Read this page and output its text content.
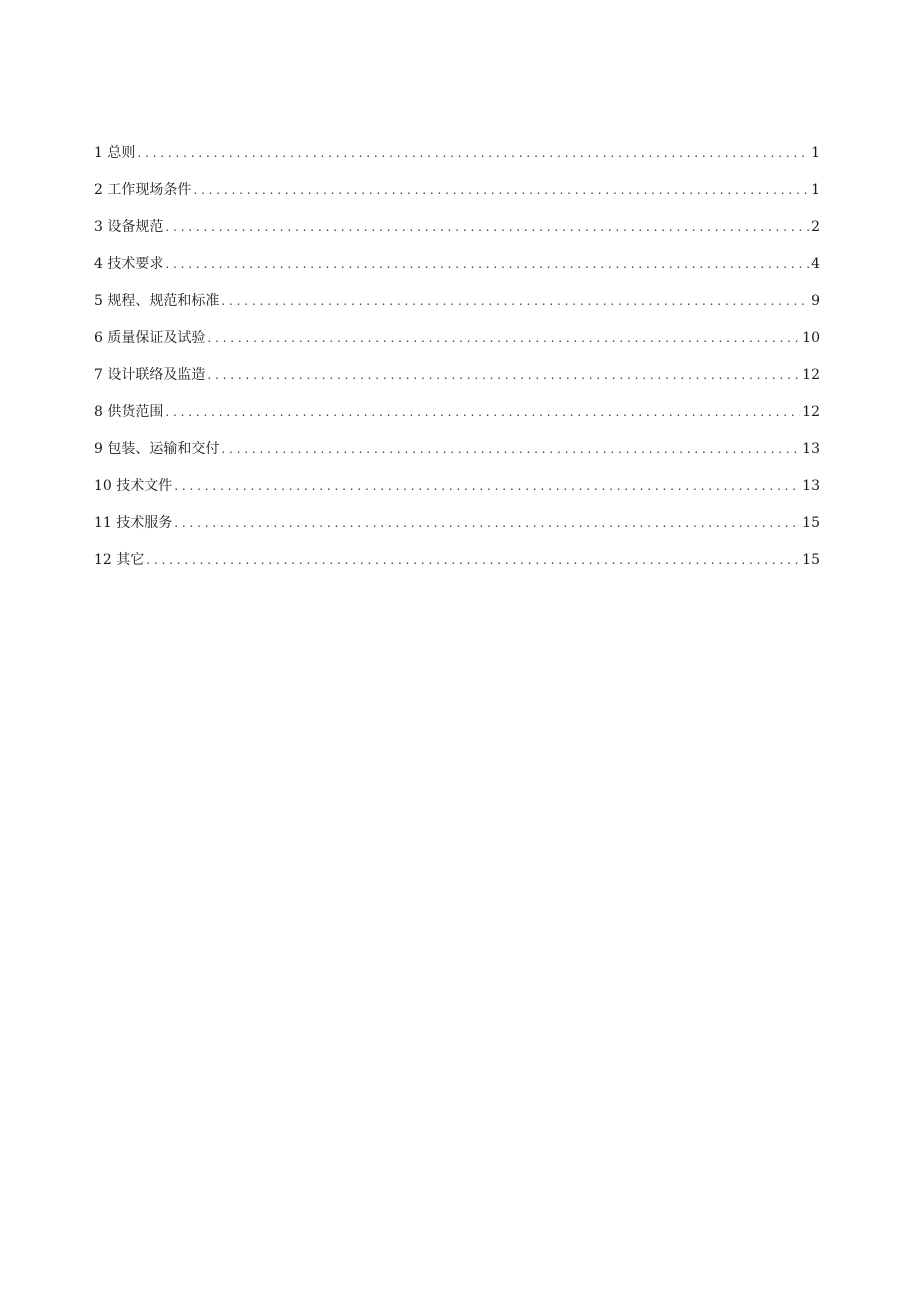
1 总则 . . .	1
2 工作现场条件 . . .	1
3 设备规范 . . .	2
4 技术要求 . . .	4
5 规程、规范和标准 . . .	9
6 质量保证及试验 . . .	10
7 设计联络及监造 . . .	12
8 供货范围 . . .	12
9 包装、运输和交付 . . .	13
10 技术文件 . . .	13
11 技术服务 . . .	15
12 其它 . . .	15
